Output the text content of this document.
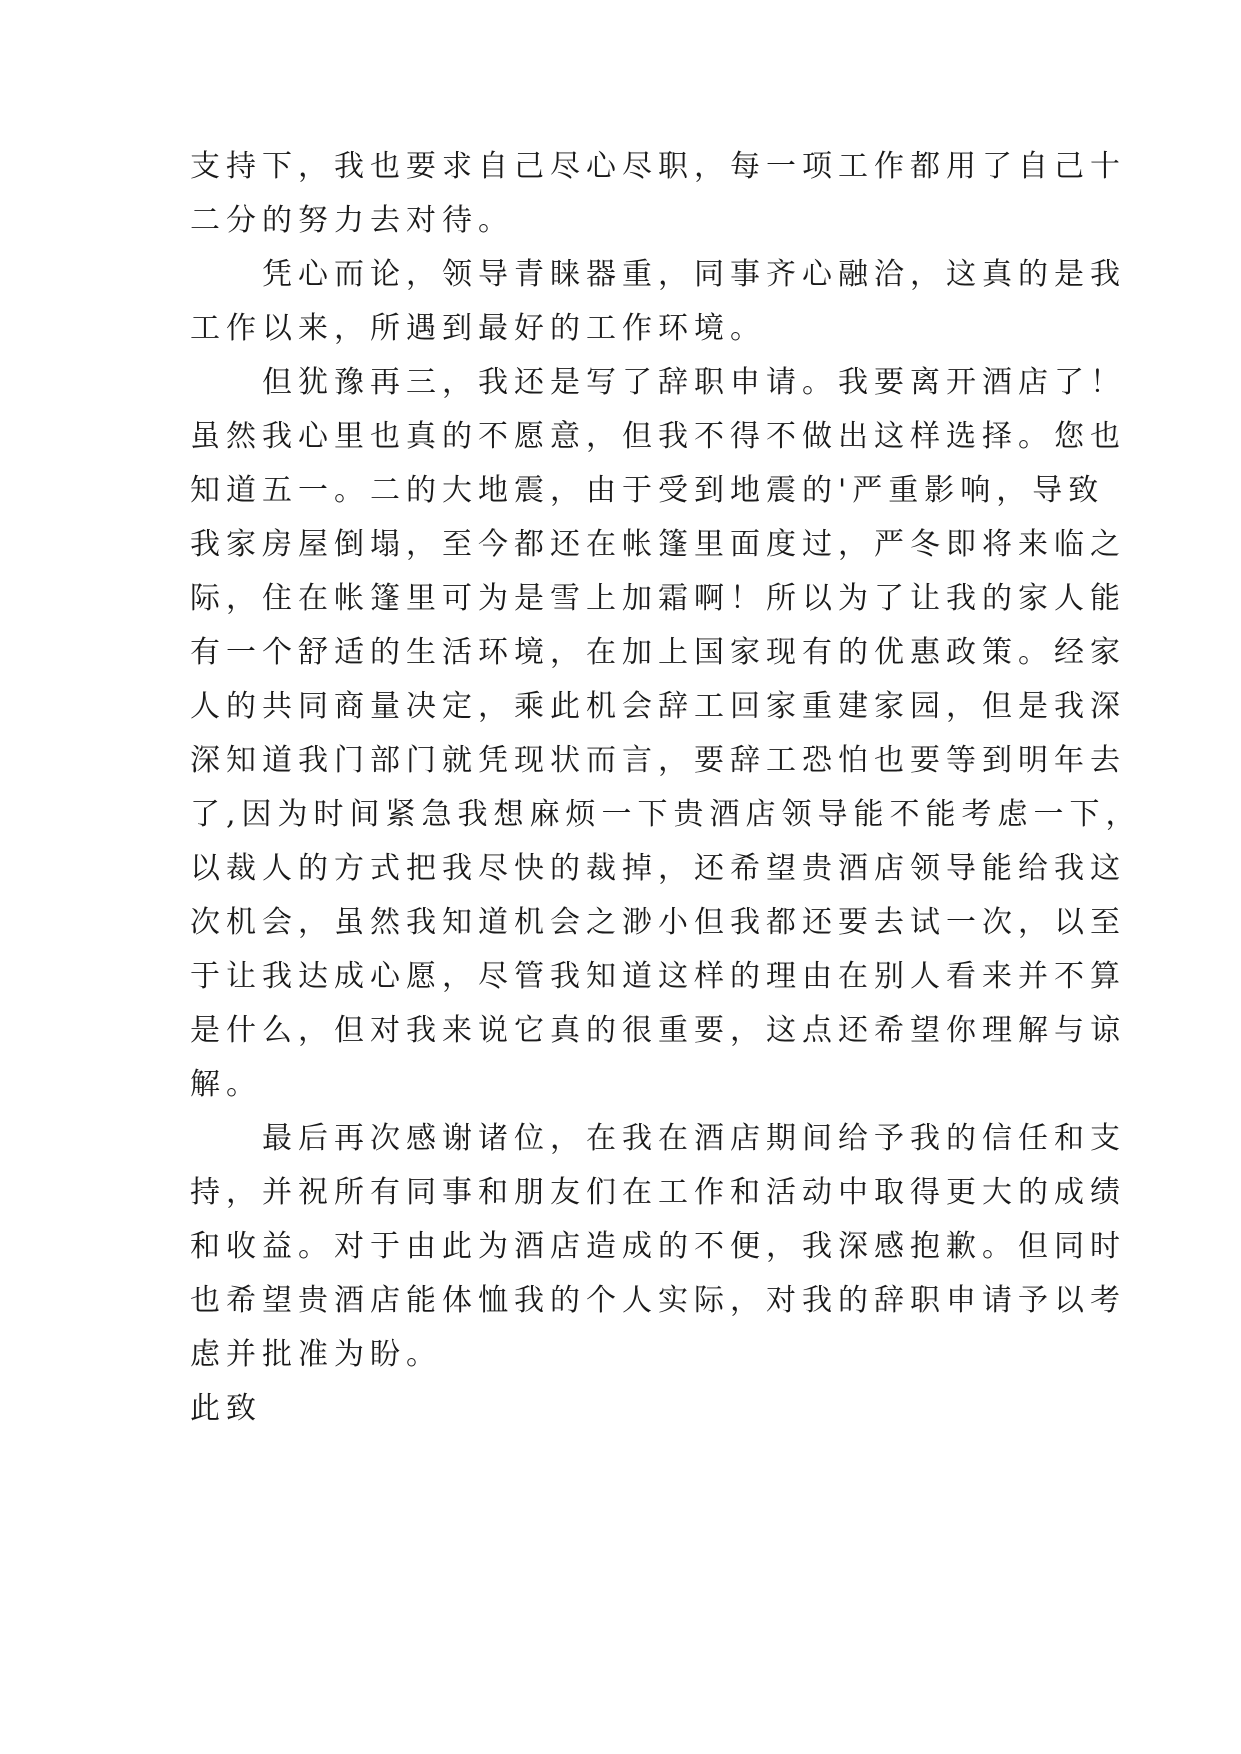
支持下，我也要求自己尽心尽职，每一项工作都用了自己十
二分的努力去对待。
凭心而论，领导青睐器重，同事齐心融洽，这真的是我
工作以来，所遇到最好的工作环境。
但犹豫再三，我还是写了辞职申请。我要离开酒店了！
虽然我心里也真的不愿意，但我不得不做出这样选择。您也
知道五一。二的大地震，由于受到地震的'严重影响，导致
我家房屋倒塌，至今都还在帐篷里面度过，严冬即将来临之
际，住在帐篷里可为是雪上加霜啊！所以为了让我的家人能
有一个舒适的生活环境，在加上国家现有的优惠政策。经家
人的共同商量决定，乘此机会辞工回家重建家园，但是我深
深知道我门部门就凭现状而言，要辞工恐怕也要等到明年去
了,因为时间紧急我想麻烦一下贵酒店领导能不能考虑一下，
以裁人的方式把我尽快的裁掉，还希望贵酒店领导能给我这
次机会，虽然我知道机会之渺小但我都还要去试一次，以至
于让我达成心愿，尽管我知道这样的理由在别人看来并不算
是什么，但对我来说它真的很重要，这点还希望你理解与谅
解。
最后再次感谢诸位，在我在酒店期间给予我的信任和支
持，并祝所有同事和朋友们在工作和活动中取得更大的成绩
和收益。对于由此为酒店造成的不便，我深感抱歉。但同时
也希望贵酒店能体恤我的个人实际，对我的辞职申请予以考
虑并批准为盼。
此致
